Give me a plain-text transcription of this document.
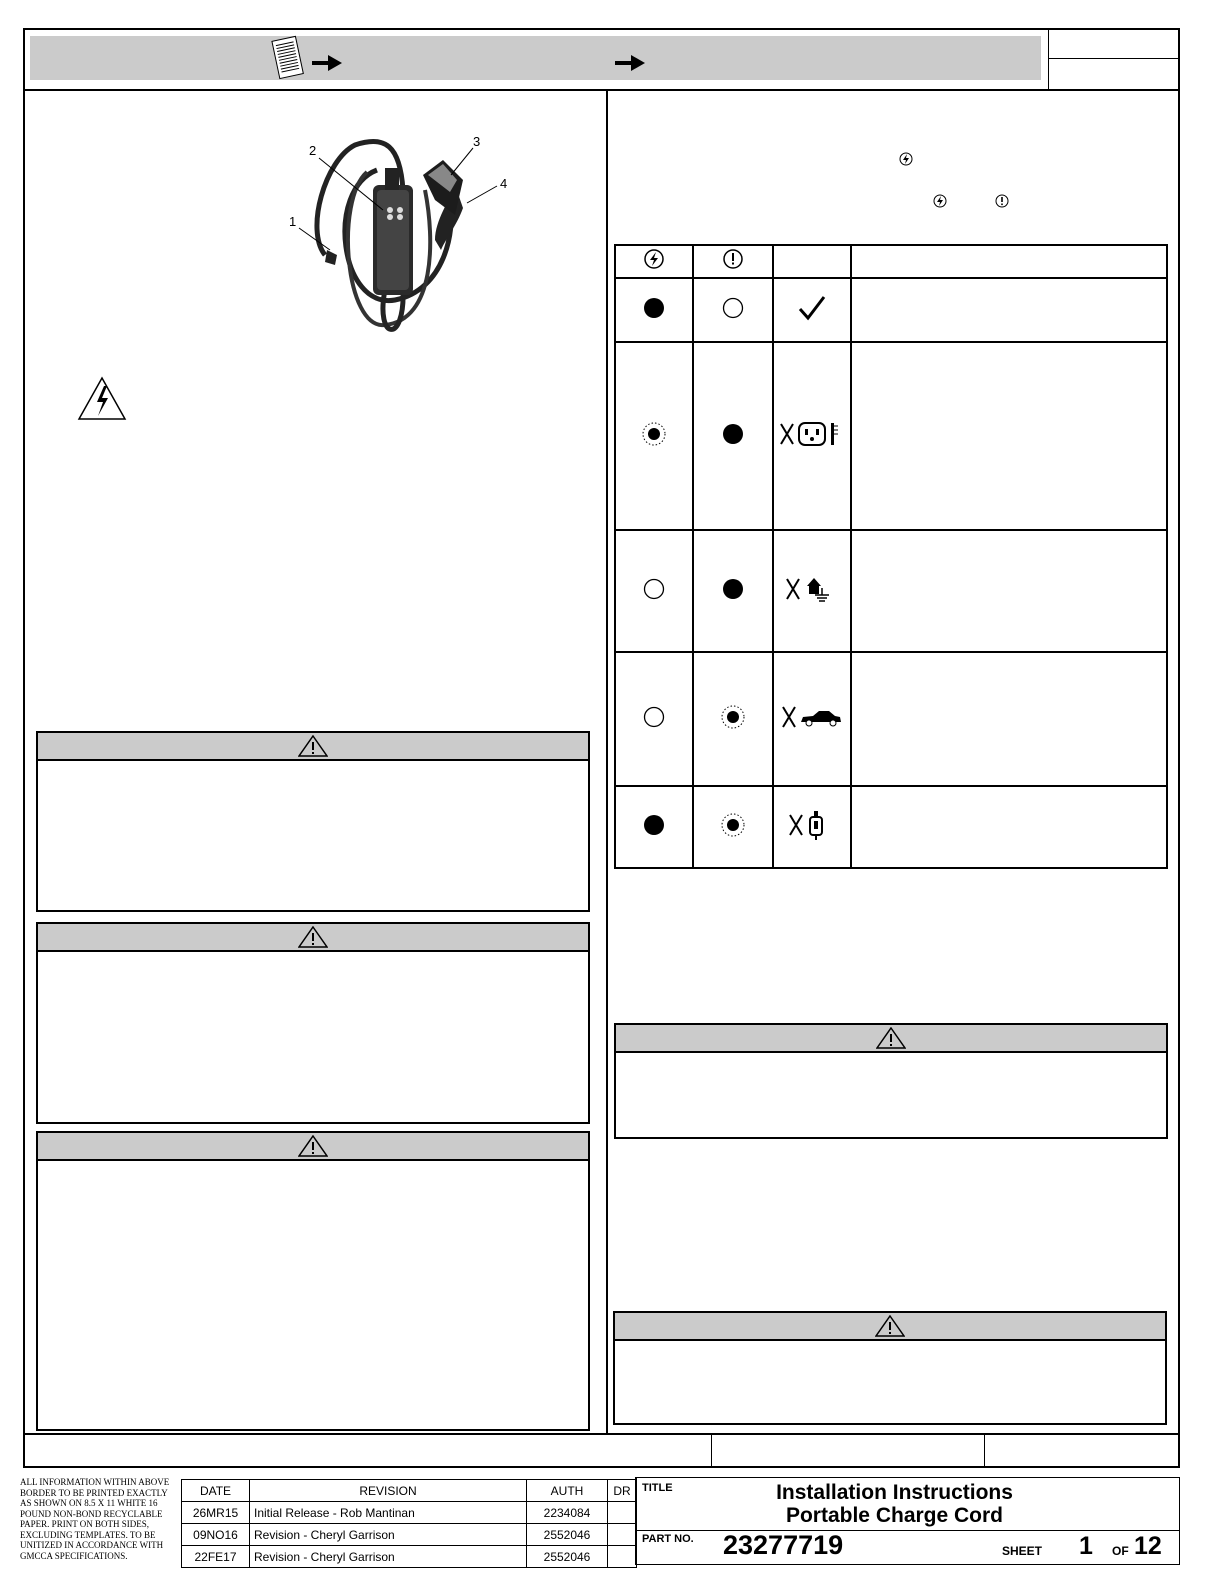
1
2
3
4

ALL INFORMATION WITHIN ABOVE BORDER TO BE PRINTED EXACTLY AS SHOWN ON 8.5 X 11 WHITE 16 POUND NON-BOND RECYCLABLE PAPER. PRINT ON BOTH SIDES, EXCLUDING TEMPLATES. TO BE UNITIZED IN ACCORDANCE WITH GMCCA SPECIFICATIONS.
DATE	REVISION	AUTH	DR
26MR15	Initial Release - Rob Mantinan	2234084	
09NO16	Revision - Cheryl Garrison	2552046	
22FE17	Revision - Cheryl Garrison	2552046	
TITLE	Installation Instructions
Portable Charge Cord
PART NO. 23277719	SHEET 1 OF 12
